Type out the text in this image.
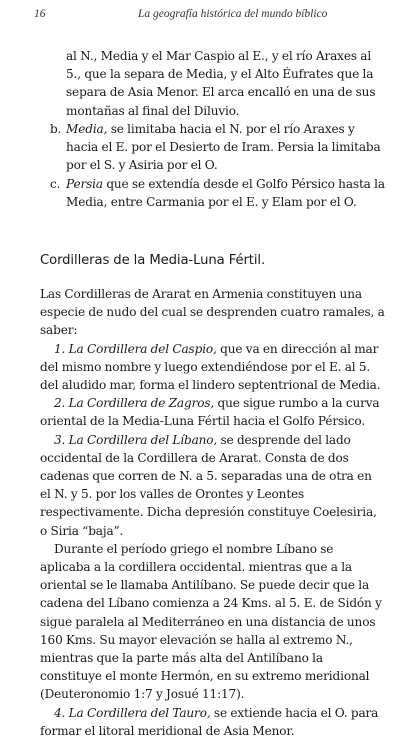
16	La geografía histórica del mundo bíblico

al N., Media y el Mar Caspio al E., y el río Araxes al 5., que la separa de Media, y el Alto Éufrates que la separa de Asia Menor. El arca encalló en una de sus montañas al final del Diluvio.

b. Media, se limitaba hacia el N. por el río Araxes y hacia el E. por el Desierto de Iram. Persia la limitaba por el S. y Asiria por el O.
c. Persia que se extendía desde el Golfo Pérsico hasta la Media, entre Carmania por el E. y Elam por el O.
Cordilleras de la Media-Luna Fértil.

Las Cordilleras de Ararat en Armenia constituyen una especie de nudo del cual se desprenden cuatro ramales, a saber:

1. La Cordillera del Caspio, que va en dirección al mar del mismo nombre y luego extendiéndose por el E. al 5. del aludido mar, forma el lindero septentrional de Media.

2. La Cordillera de Zagros, que sigue rumbo a la curva oriental de la Media-Luna Fértil hacia el Golfo Pérsico.

3. La Cordillera del Líbano, se desprende del lado occidental de la Cordillera de Ararat. Consta de dos cadenas que corren de N. a 5. separadas una de otra en el N. y 5. por los valles de Orontes y Leontes respectivamente. Dicha depresión constituye Coelesiria, o Siria “baja”.

Durante el período griego el nombre Líbano se aplicaba a la cordillera occidental. mientras que a la oriental se le llamaba Antilíbano. Se puede decir que la cadena del Líbano comienza a 24 Kms. al 5. E. de Sidón y sigue paralela al Mediterráneo en una distancia de unos 160 Kms. Su mayor elevación se halla al extremo N., mientras que la parte más alta del Antilíbano la constituye el monte Hermón, en su extremo meridional (Deuteronomio 1:7 y Josué 11:17).

4. La Cordillera del Tauro, se extiende hacia el O. para formar el litoral meridional de Asia Menor.
